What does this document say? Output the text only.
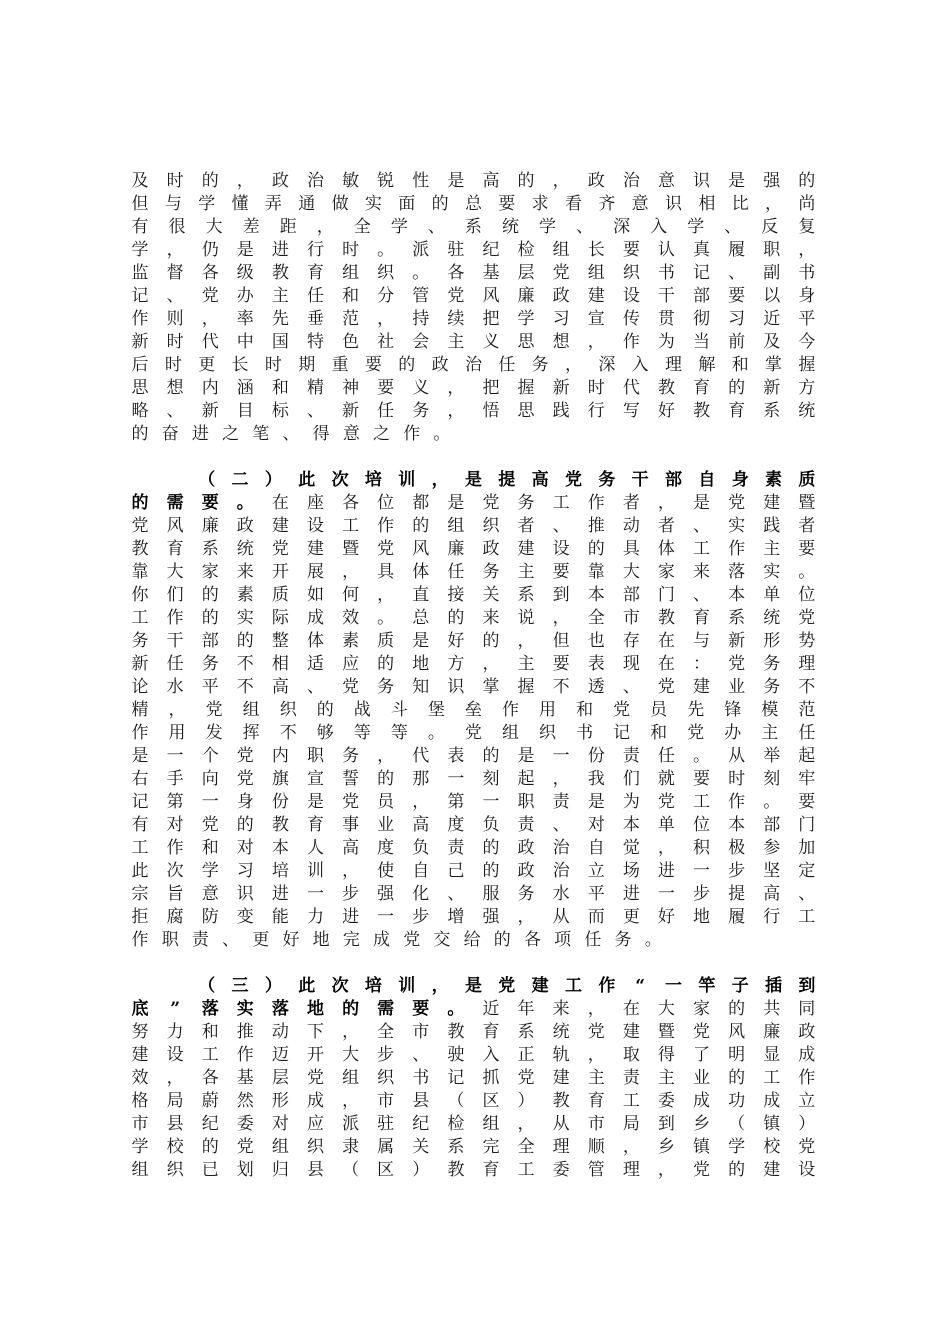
及 时 的 ， 政 治 敏 锐 性 是 高 的 ， 政 治 意 识 是 强 的
但 与 学 懂 弄 通 做 实 面 的 总 要 求 看 齐 意 识 相 比 ， 尚
有 很 大 差 距 ， 全 学 、 系 统 学 、 深 入 学 、 反 复
学 ， 仍 是 进 行 时 。 派 驻 纪 检 组 长 要 认 真 履 职 ，
监 督 各 级 教 育 组 织 。 各 基 层 党 组 织 书 记 、 副 书
记 、 党 办 主 任 和 分 管 党 风 廉 政 建 设 干 部 要 以 身
作 则 ， 率 先 垂 范 ， 持 续 把 学 习 宣 传 贯 彻 习 近 平
新 时 代 中 国 特 色 社 会 主 义 思 想 ， 作 为 当 前 及 今
后 时 更 长 时 期 重 要 的 政 治 任 务 ， 深 入 理 解 和 掌 握
思 想 内 涵 和 精 神 要 义 ， 把 握 新 时 代 教 育 的 新 方
略 、 新 目 标 、 新 任 务 ， 悟 思 践 行 写 好 教 育 系 统
的 奋 进 之 笔 、 得 意 之 作 。
（ 二 ） 此 次 培 训 ， 是 提 高 党 务 干 部 自 身 素 质
的 需 要 。 在 座 各 位 都 是 党 务 工 作 者 ， 是 党 建 暨
党 风 廉 政 建 设 工 作 的 组 织 者 、 推 动 者 、 实 践 者
教 育 系 统 党 建 暨 党 风 廉 政 建 设 的 具 体 工 作 主 要
靠 大 家 来 开 展 ， 具 体 任 务 主 要 靠 大 家 来 落 实 。
你 们 的 素 质 如 何 ， 直 接 关 系 到 本 部 门 、 本 单 位
工 作 的 实 际 成 效 。 总 的 来 说 ， 全 市 教 育 系 统 党
务 干 部 的 整 体 素 质 是 好 的 ， 但 也 存 在 与 新 形 势
新 任 务 不 相 适 应 的 地 方 ， 主 要 表 现 在 ： 党 务 理
论 水 平 不 高 、 党 务 知 识 掌 握 不 透 、 党 建 业 务 不
精 ， 党 组 织 的 战 斗 堡 垒 作 用 和 党 员 先 锋 模 范
作 用 发 挥 不 够 等 等 。 党 组 织 书 记 和 党 办 主 任
是 一 个 党 内 职 务 ， 代 表 的 是 一 份 责 任 。 从 举 起
右 手 向 党 旗 宣 誓 的 那 一 刻 起 ， 我 们 就 要 时 刻 牢
记 第 一 身 份 是 党 员 ， 第 一 职 责 是 为 党 工 作 。 要
有 对 党 的 教 育 事 业 高 度 负 责 、 对 本 单 位 本 部 门
工 作 和 对 本 人 高 度 负 责 的 政 治 自 觉 ， 积 极 参 加
此 次 学 习 培 训 ， 使 自 己 的 政 治 立 场 进 一 步 坚 定
宗 旨 意 识 进 一 步 强 化 、 服 务 水 平 进 一 步 提 高 、
拒 腐 防 变 能 力 进 一 步 增 强 ， 从 而 更 好 地 履 行 工
作 职 责 、 更 好 地 完 成 党 交 给 的 各 项 任 务 。
（ 三 ） 此 次 培 训 ， 是 党 建 工 作 “ 一 竿 子 插 到
底 ” 落 实 落 地 的 需 要 。 近 年 来 ， 在 大 家 的 共 同
努 力 和 推 动 下 ， 全 市 教 育 系 统 党 建 暨 党 风 廉 政
建 设 工 作 迈 开 大 步 、 驶 入 正 轨 ， 取 得 了 明 显 成
效 ， 各 基 层 党 组 织 书 记 抓 党 建 主 责 主 业 的 工 作
格 局 蔚 然 形 成 ， 市 县 （ 区 ） 教 育 工 委 成 功 成 立
市 县 纪 委 对 应 派 驻 纪 检 组 ， 从 市 局 到 乡 （ 镇 ）
学 校 的 党 组 织 隶 属 关 系 完 全 理 顺 ， 乡 镇 学 校 党
组 织 已 划 归 县 （ 区 ） 教 育 工 委 管 理 ， 党 的 建 设
